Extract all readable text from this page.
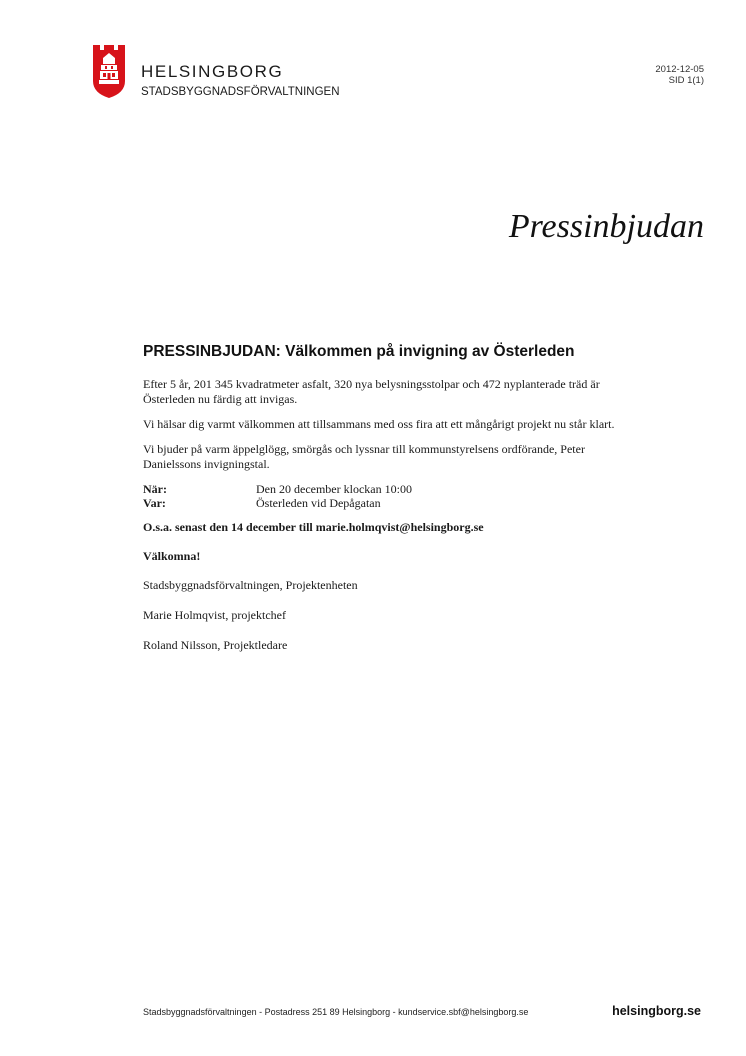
HELSINGBORG
STADSBYGGNADSFÖRVALTNINGEN
2012-12-05
SID 1(1)
Pressinbjudan
PRESSINBJUDAN: Välkommen på invigning av Österleden

Efter 5 år, 201 345 kvadratmeter asfalt, 320 nya belysningsstolpar och 472 nyplanterade träd är Österleden nu färdig att invigas.

Vi hälsar dig varmt välkommen att tillsammans med oss fira att ett mångårigt projekt nu står klart.

Vi bjuder på varm äppelglögg, smörgås och lyssnar till kommunstyrelsens ordförande, Peter Danielssons invigningstal.

När:	Den 20 december klockan 10:00
Var:	Österleden vid Depågatan
O.s.a. senast den 14 december till marie.holmqvist@helsingborg.se
Välkomna!
Stadsbyggnadsförvaltningen, Projektenheten
Marie Holmqvist, projektchef
Roland Nilsson, Projektledare
Stadsbyggnadsförvaltningen - Postadress 251 89 Helsingborg - kundservice.sbf@helsingborg.se	helsingborg.se
